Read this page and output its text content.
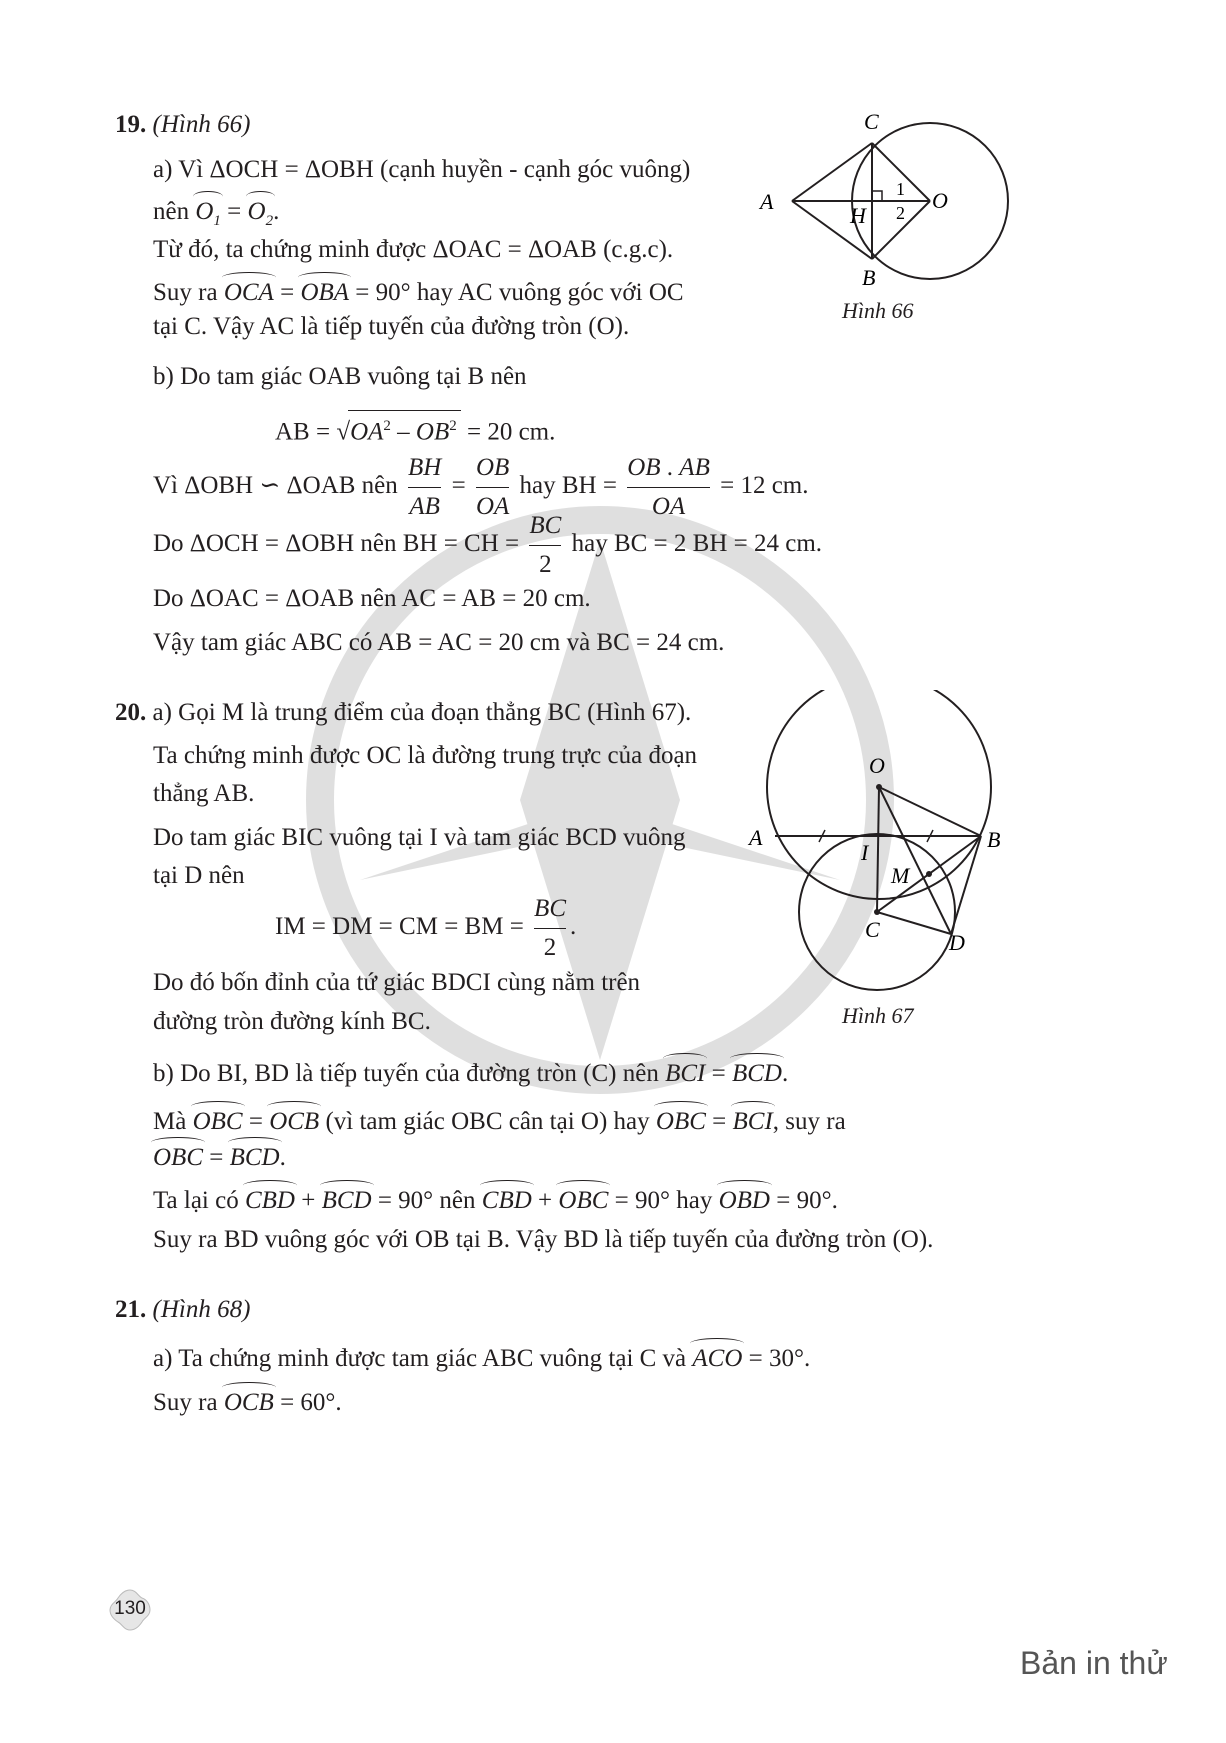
19. (Hình 66)
a) Vì ΔOCH = ΔOBH (cạnh huyền - cạnh góc vuông)
nên $O_1 = O_2$.
Từ đó, ta chứng minh được ΔOAC = ΔOAB (c.g.c).
Suy ra OCA = OBA = 90° hay AC vuông góc với OC
tại C. Vậy AC là tiếp tuyến của đường tròn (O).
b) Do tam giác OAB vuông tại B nên
AB = $√OA^2 - OB^2 = 20$ cm.
Vì ΔOBH ∽ ΔOAB nên $\frac{BH}{AB} = \frac{OB}{OA}$ hay BH = $\frac{OB . AB}{OA} = 12$ cm.
Do ΔOCH = ΔOBH nên BH = CH = $\frac{BC}{2}$ hay BC = 2 BH = 24 cm.
Do ΔOAC = ΔOAB nên AC = AB = 20 cm.
Vậy tam giác ABC có AB = AC = 20 cm và BC = 24 cm.
C
A
H
O
B
1
2
Hình 66
20. a) Gọi M là trung điểm của đoạn thẳng BC (Hình 67).
Ta chứng minh được OC là đường trung trực của đoạn
thẳng AB.
Do tam giác BIC vuông tại I và tam giác BCD vuông
tại D nên
IM = DM = CM = BM = $\frac{BC}{2}$ .
Do đó bốn đỉnh của tứ giác BDCI cùng nằm trên
đường tròn đường kính BC.
b) Do BI, BD là tiếp tuyến của đường tròn (C) nên BCI = BCD.
Mà OBC = OCB (vì tam giác OBC cân tại O) hay OBC = BCI, suy ra
OBC = BCD.
Ta lại có CBD + BCD = 90° nên CBD + OBC = 90° hay OBD = 90°.
Suy ra BD vuông góc với OB tại B. Vậy BD là tiếp tuyến của đường tròn (O).
O
A	B
I
M
C
D
Hình 67
21. (Hình 68)
a) Ta chứng minh được tam giác ABC vuông tại C và ACO = 30°.
Suy ra OCB = 60°.
130
Bản in thử
